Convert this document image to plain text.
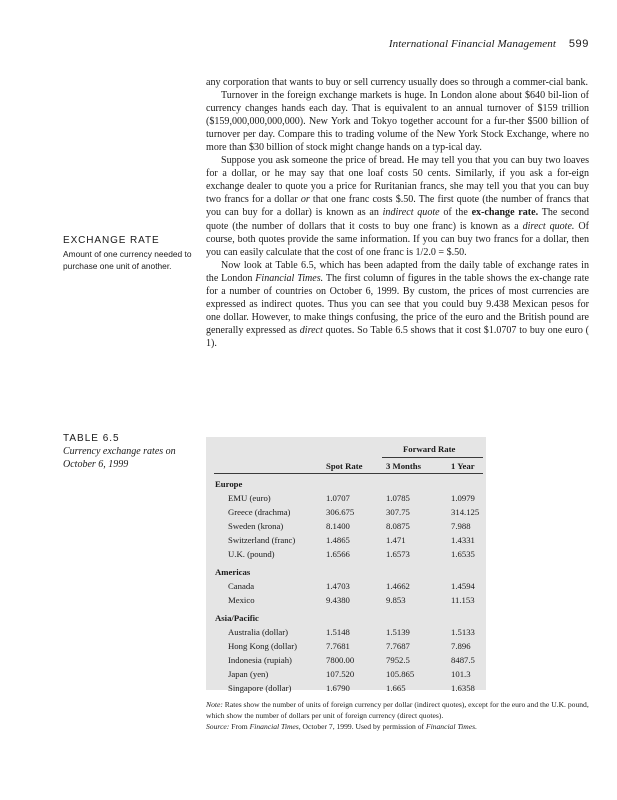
International Financial Management 599

any corporation that wants to buy or sell currency usually does so through a commer-cial bank.

Turnover in the foreign exchange markets is huge. In London alone about $640 bil-lion of currency changes hands each day. That is equivalent to an annual turnover of $159 trillion ($159,000,000,000,000). New York and Tokyo together account for a fur-ther $500 billion of turnover per day. Compare this to trading volume of the New York Stock Exchange, where no more than $30 billion of stock might change hands on a typ-ical day.

Suppose you ask someone the price of bread. He may tell you that you can buy two loaves for a dollar, or he may say that one loaf costs 50 cents. Similarly, if you ask a for-eign exchange dealer to quote you a price for Ruritanian francs, she may tell you that you can buy two francs for a dollar or that one franc costs $.50. The first quote (the number of francs that you can buy for a dollar) is known as an indirect quote of the ex-change rate. The second quote (the number of dollars that it costs to buy one franc) is known as a direct quote. Of course, both quotes provide the same information. If you can buy two francs for a dollar, then you can easily calculate that the cost of one franc is 1/2.0 = $.50.

Now look at Table 6.5, which has been adapted from the daily table of exchange rates in the London Financial Times. The first column of figures in the table shows the ex-change rate for a number of countries on October 6, 1999. By custom, the prices of most currencies are expressed as indirect quotes. Thus you can see that you could buy 9.438 Mexican pesos for one dollar. However, to make things confusing, the price of the euro and the British pound are generally expressed as direct quotes. So Table 6.5 shows that it cost $1.0707 to buy one euro ( 1).

EXCHANGE RATE
Amount of one currency needed to purchase one unit of another.
TABLE 6.5
Currency exchange rates on October 6, 1999
Forward Rate
Spot Rate	3 Months	1 Year
Europe
EMU (euro)	1.0707	1.0785	1.0979
Greece (drachma)	306.675	307.75	314.125
Sweden (krona)	8.1400	8.0875	7.988
Switzerland (franc)	1.4865	1.471	1.4331
U.K. (pound)	1.6566	1.6573	1.6535
Americas
Canada	1.4703	1.4662	1.4594
Mexico	9.4380	9.853	11.153
Asia/Pacific
Australia (dollar)	1.5148	1.5139	1.5133
Hong Kong (dollar)	7.7681	7.7687	7.896
Indonesia (rupiah)	7800.00	7952.5	8487.5
Japan (yen)	107.520	105.865	101.3
Singapore (dollar)	1.6790	1.665	1.6358

Note: Rates show the number of units of foreign currency per dollar (indirect quotes), except for the euro and the U.K. pound, which show the number of dollars per unit of foreign currency (direct quotes).

Source: From Financial Times, October 7, 1999. Used by permission of Financial Times.
